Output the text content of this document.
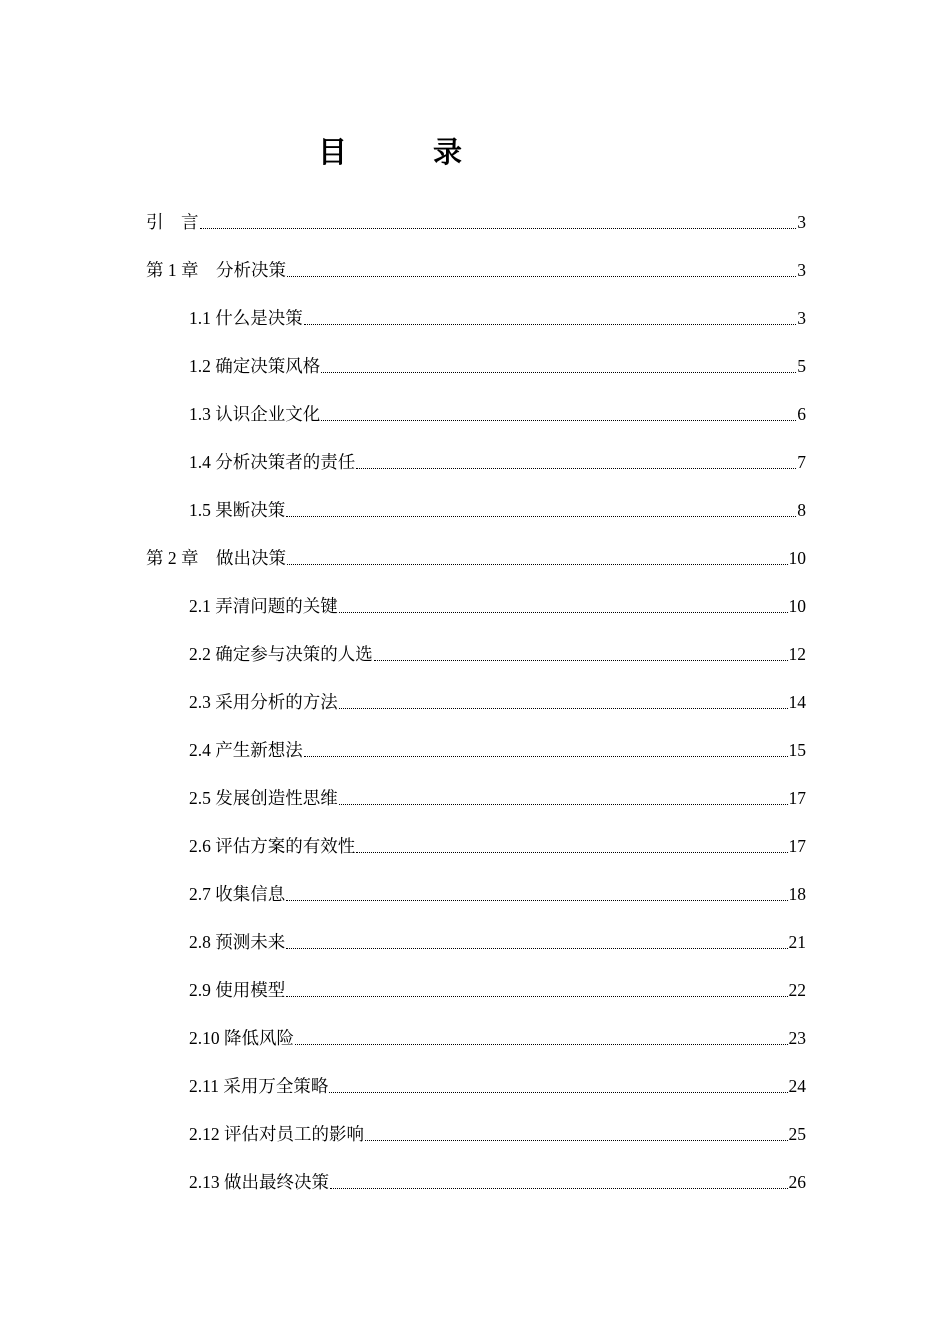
目	录
引　言	3
第 1 章　分析决策	3
1.1 什么是决策	3
1.2 确定决策风格	5
1.3 认识企业文化	6
1.4 分析决策者的责任	7
1.5 果断决策	8
第 2 章　做出决策	10
2.1 弄清问题的关键	10
2.2 确定参与决策的人选	12
2.3 采用分析的方法	14
2.4 产生新想法	15
2.5 发展创造性思维	17
2.6 评估方案的有效性	17
2.7 收集信息	18
2.8 预测未来	21
2.9 使用模型	22
2.10 降低风险	23
2.11 采用万全策略	24
2.12 评估对员工的影响	25
2.13 做出最终决策	26
